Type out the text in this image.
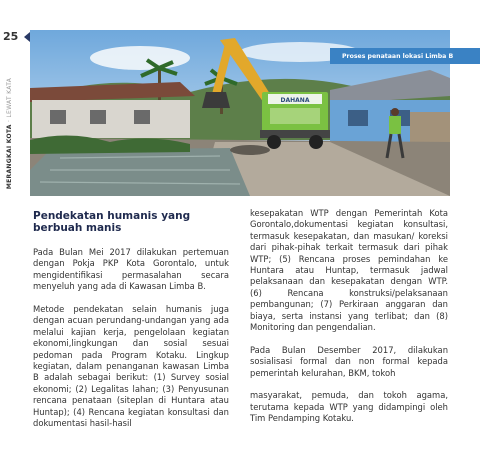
25
MERANGKAI KOTA · LEWAT KATA	DAHANA
Proses penataan lokasi Limba B
Pendekatan humanis yang berbuah manis

Pada Bulan Mei 2017 dilakukan pertemuan dengan Pokja PKP Kota Gorontalo, untuk mengidentifikasi permasalahan secara menyeluh yang ada di Kawasan Limba B.

Metode pendekatan selain humanis juga dengan acuan perundang-undangan yang ada melalui kajian kerja, pengelolaan kegiatan ekonomi,lingkungan dan sosial sesuai pedoman pada Program Kotaku. Lingkup kegiatan, dalam penanganan kawasan Limba B adalah sebagai berikut: (1) Survey sosial ekonomi; (2) Legalitas lahan; (3) Penyusunan rencana penataan (siteplan di Huntara atau Huntap); (4) Rencana kegiatan konsultasi dan dokumentasi hasil-hasil

kesepakatan WTP dengan Pemerintah Kota Gorontalo,dokumentasi kegiatan konsultasi, termasuk kesepakatan, dan masukan/ koreksi dari pihak-pihak terkait termasuk dari pihak WTP; (5) Rencana proses pemindahan ke Huntara atau Huntap, termasuk jadwal pelaksanaan dan kesepakatan dengan WTP. (6) Rencana konstruksi/pelaksanaan pembangunan; (7) Perkiraan anggaran dan biaya, serta instansi yang terlibat; dan (8) Monitoring dan pengendalian.

Pada Bulan Desember 2017, dilakukan sosialisasi formal dan non formal kepada pemerintah kelurahan, BKM, tokoh

masyarakat, pemuda, dan tokoh agama, terutama kepada WTP yang didampingi oleh Tim Pendamping Kotaku.
